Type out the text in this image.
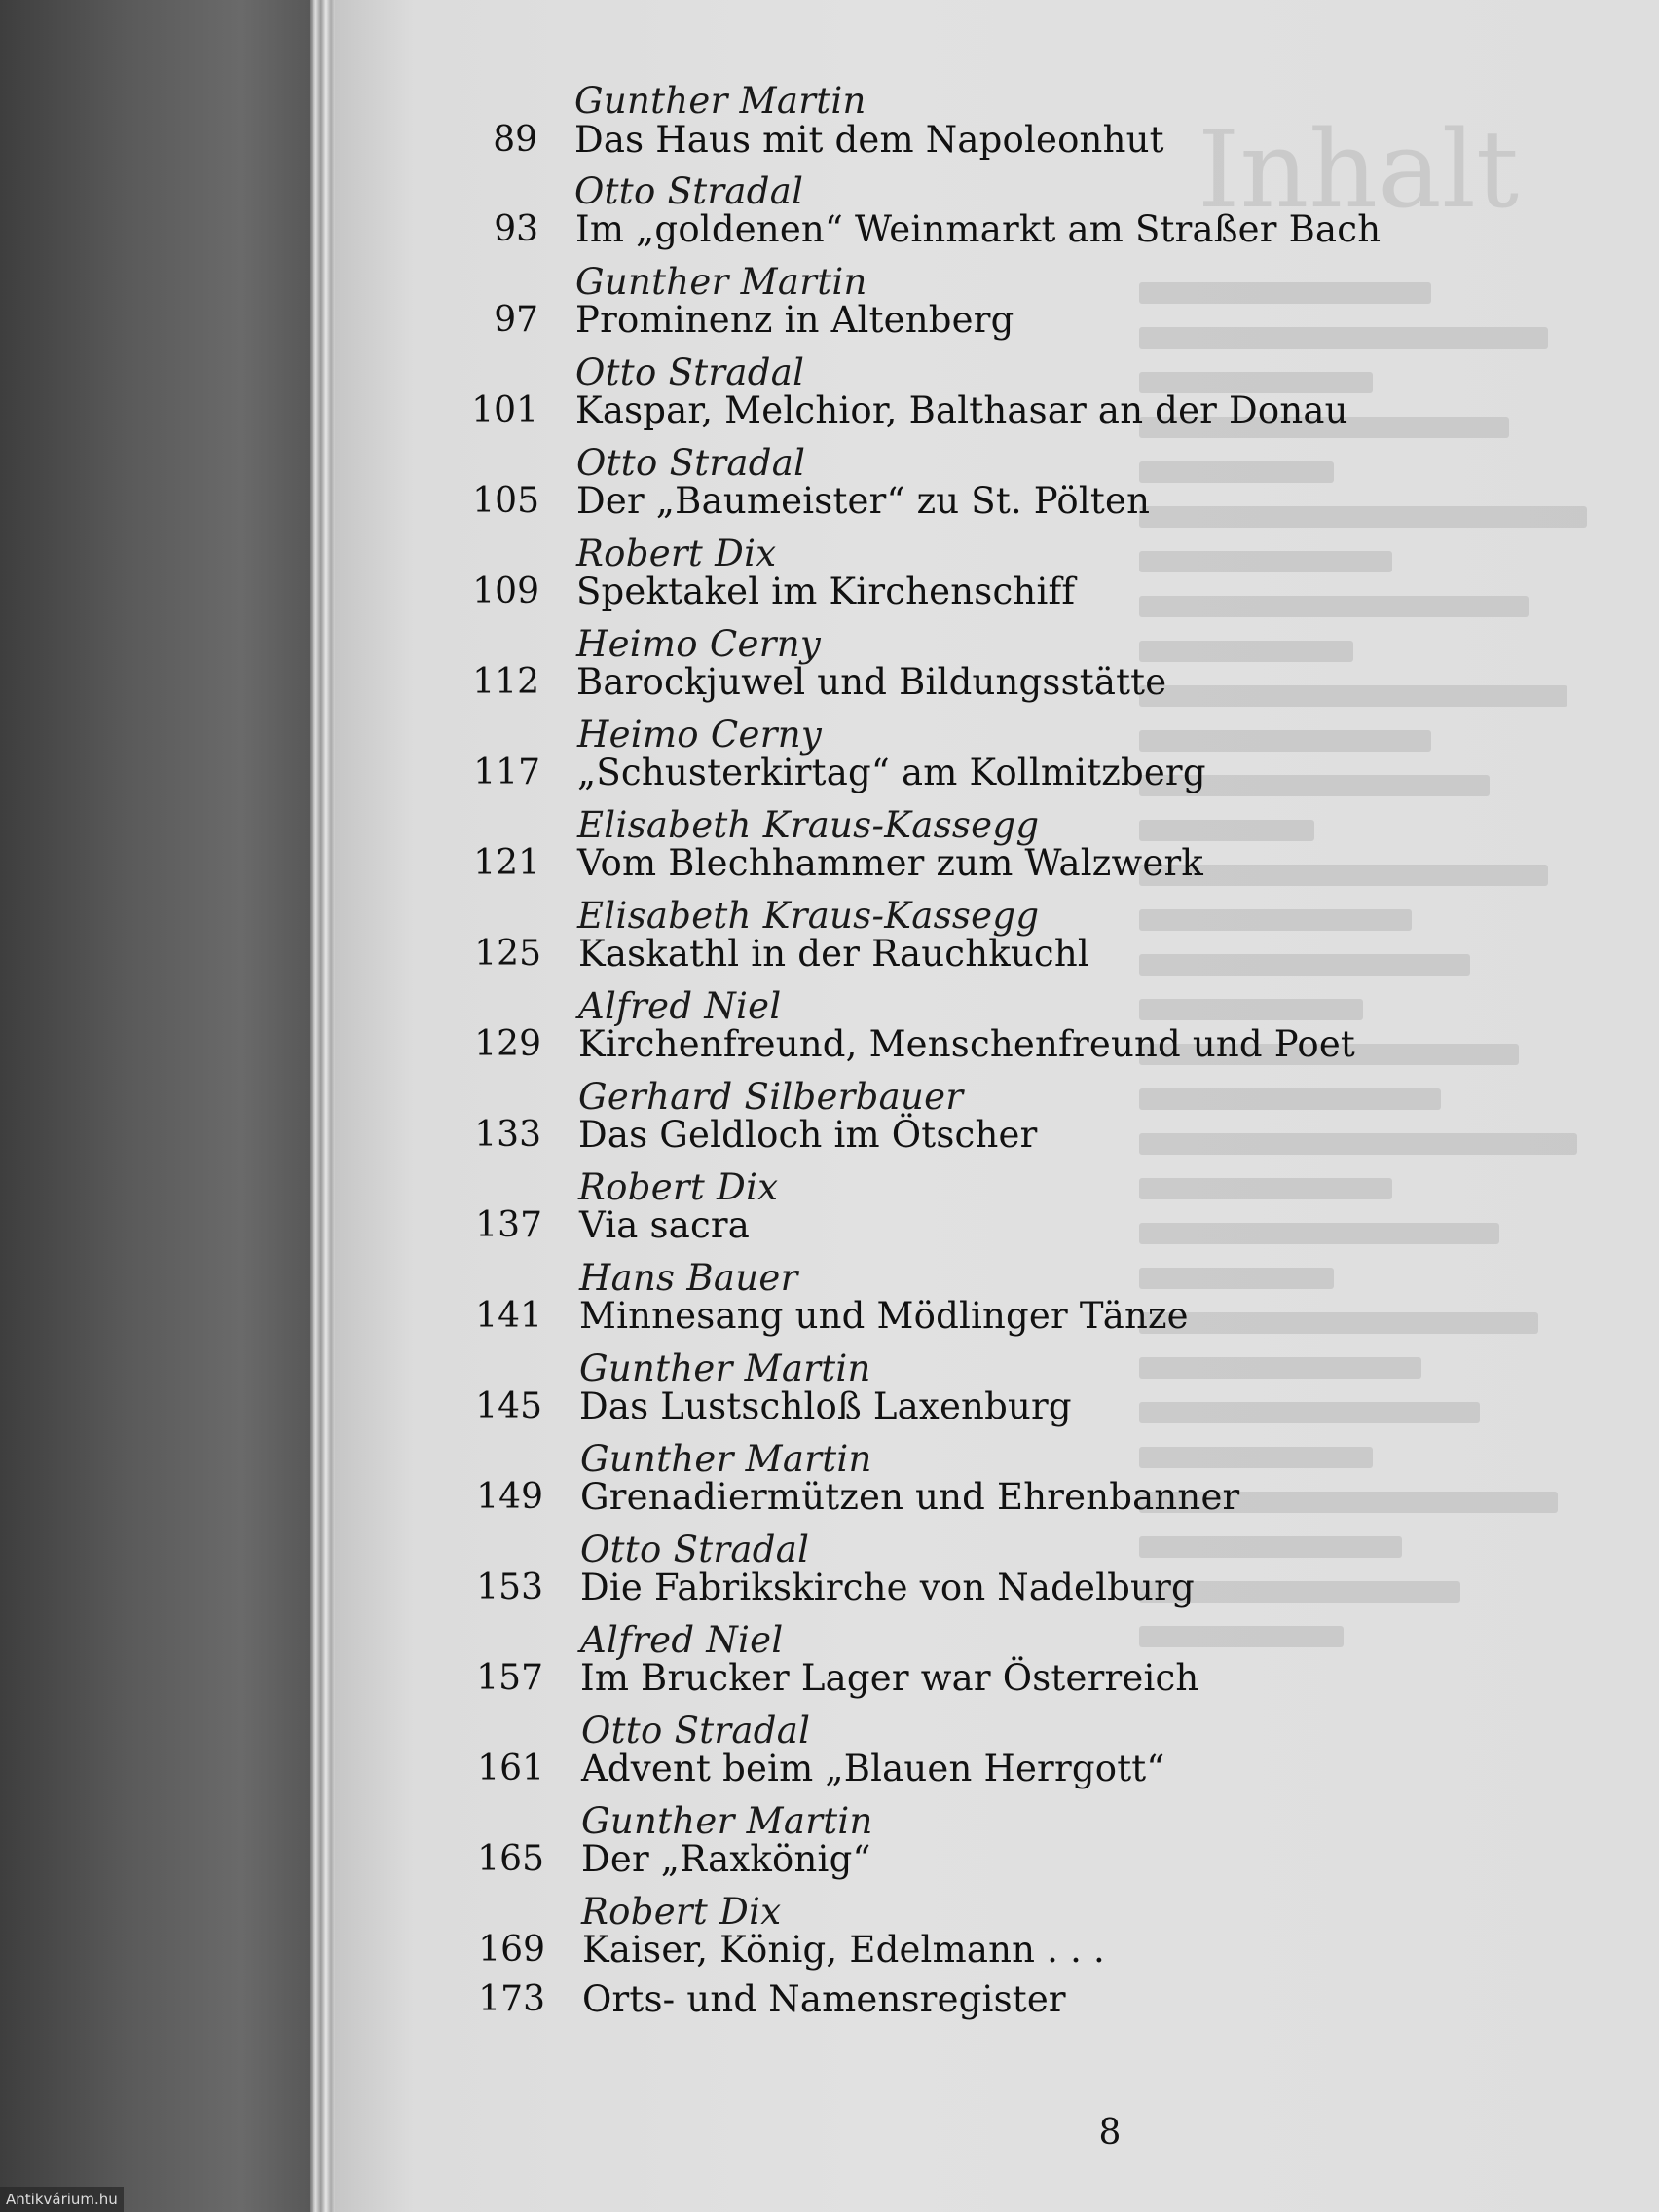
Gunther Martin
89 Das Haus mit dem Napoleonhut
Otto Stradal
93 Im „goldenen“ Weinmarkt am Straßer Bach
Gunther Martin
97 Prominenz in Altenberg
Otto Stradal
101 Kaspar, Melchior, Balthasar an der Donau
Otto Stradal
105 Der „Baumeister“ zu St. Pölten
Robert Dix
109 Spektakel im Kirchenschiff
Heimo Cerny
112 Barockjuwel und Bildungsstätte
Heimo Cerny
117 „Schusterkirtag“ am Kollmitzberg
Elisabeth Kraus-Kassegg
121 Vom Blechhammer zum Walzwerk
Elisabeth Kraus-Kassegg
125 Kaskathl in der Rauchkuchl
Alfred Niel
129 Kirchenfreund, Menschenfreund und Poet
Gerhard Silberbauer
133 Das Geldloch im Ötscher
Robert Dix
137 Via sacra
Hans Bauer
141 Minnesang und Mödlinger Tänze
Gunther Martin
145 Das Lustschloß Laxenburg
Gunther Martin
149 Grenadiermützen und Ehrenbanner
Otto Stradal
153 Die Fabrikskirche von Nadelburg
Alfred Niel
157 Im Brucker Lager war Österreich
Otto Stradal
161 Advent beim „Blauen Herrgott“
Gunther Martin
165 Der „Raxkönig“
Robert Dix
169 Kaiser, König, Edelmann . . .
173 Orts- und Namensregister
8
Antikvárium.hu
